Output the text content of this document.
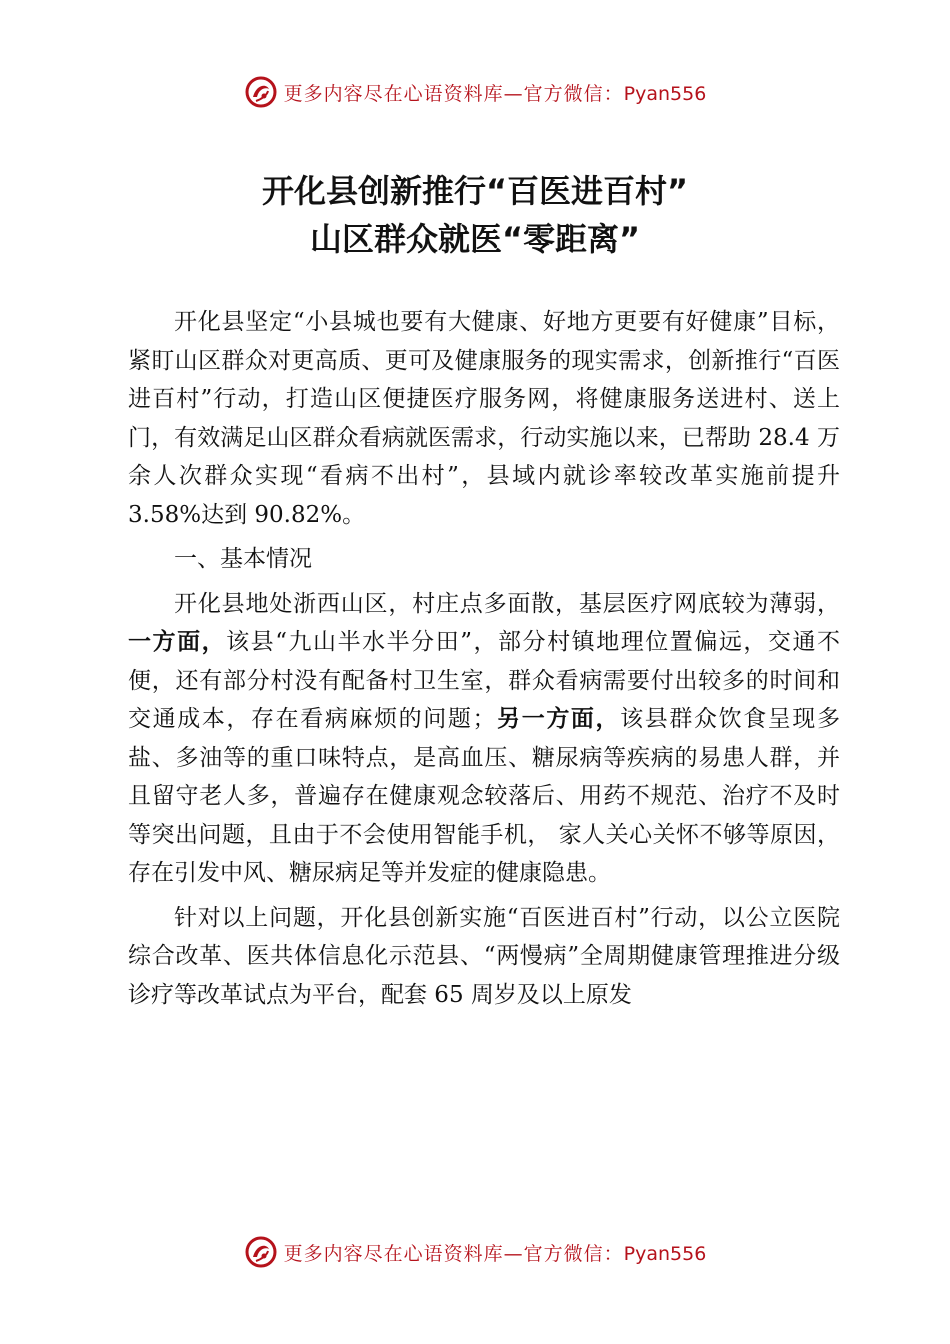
更多内容尽在心语资料库—官方微信：Pyan556
开化县创新推行“百医进百村”
山区群众就医“零距离”

开化县坚定“小县城也要有大健康、好地方更要有好健康”目标，紧盯山区群众对更高质、更可及健康服务的现实需求，创新推行“百医进百村”行动，打造山区便捷医疗服务网，将健康服务送进村、送上门，有效满足山区群众看病就医需求，行动实施以来，已帮助 28.4 万余人次群众实现“看病不出村”，县域内就诊率较改革实施前提升 3.58%达到 90.82%。

一、基本情况

开化县地处浙西山区，村庄点多面散，基层医疗网底较为薄弱，一方面，该县“九山半水半分田”，部分村镇地理位置偏远，交通不便，还有部分村没有配备村卫生室，群众看病需要付出较多的时间和交通成本，存在看病麻烦的问题；另一方面，该县群众饮食呈现多盐、多油等的重口味特点，是高血压、糖尿病等疾病的易患人群，并且留守老人多，普遍存在健康观念较落后、用药不规范、治疗不及时等突出问题，且由于不会使用智能手机， 家人关心关怀不够等原因，存在引发中风、糖尿病足等并发症的健康隐患。

针对以上问题，开化县创新实施“百医进百村”行动，以公立医院综合改革、医共体信息化示范县、“两慢病”全周期健康管理推进分级诊疗等改革试点为平台，配套 65 周岁及以上原发

更多内容尽在心语资料库—官方微信：Pyan556
